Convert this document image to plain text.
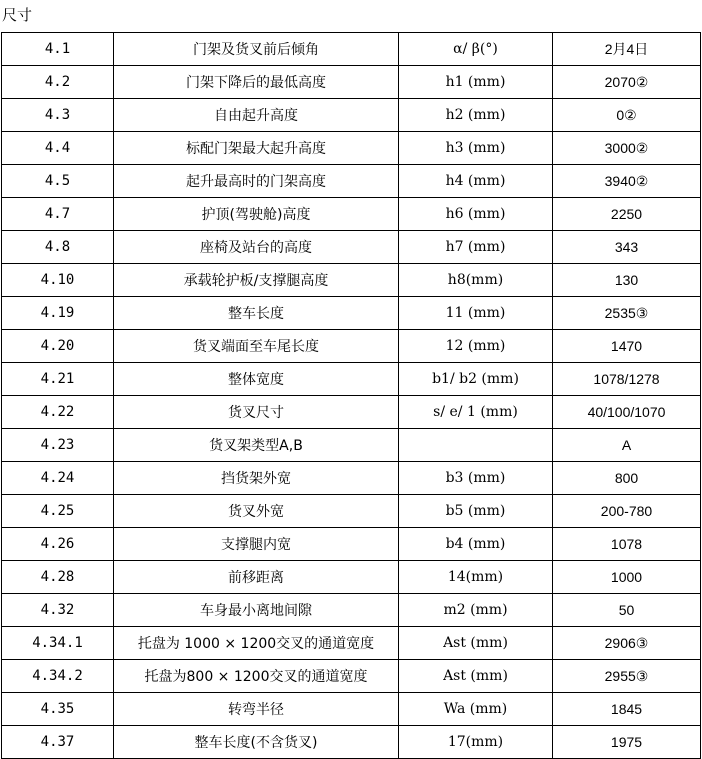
尺寸
4.1	门架及货叉前后倾角	α/ β(°)	2月4日
4.2	门架下降后的最低高度	h1 (mm)	2070②
4.3	自由起升高度	h2 (mm)	0②
4.4	标配门架最大起升高度	h3 (mm)	3000②
4.5	起升最高时的门架高度	h4 (mm)	3940②
4.7	护顶(驾驶舱)高度	h6 (mm)	2250
4.8	座椅及站台的高度	h7 (mm)	343
4.10	承载轮护板/支撑腿高度	h8(mm)	130
4.19	整车长度	11 (mm)	2535③
4.20	货叉端面至车尾长度	12 (mm)	1470
4.21	整体宽度	b1/ b2 (mm)	1078/1278
4.22	货叉尺寸	s/ e/ 1 (mm)	40/100/1070
4.23	货叉架类型A,B		A
4.24	挡货架外宽	b3 (mm)	800
4.25	货叉外宽	b5 (mm)	200-780
4.26	支撑腿内宽	b4 (mm)	1078
4.28	前移距离	14(mm)	1000
4.32	车身最小离地间隙	m2 (mm)	50
4.34.1	托盘为 1000 × 1200交叉的通道宽度	Ast (mm)	2906③
4.34.2	托盘为800 × 1200交叉的通道宽度	Ast (mm)	2955③
4.35	转弯半径	Wa (mm)	1845
4.37	整车长度(不含货叉)	17(mm)	1975
